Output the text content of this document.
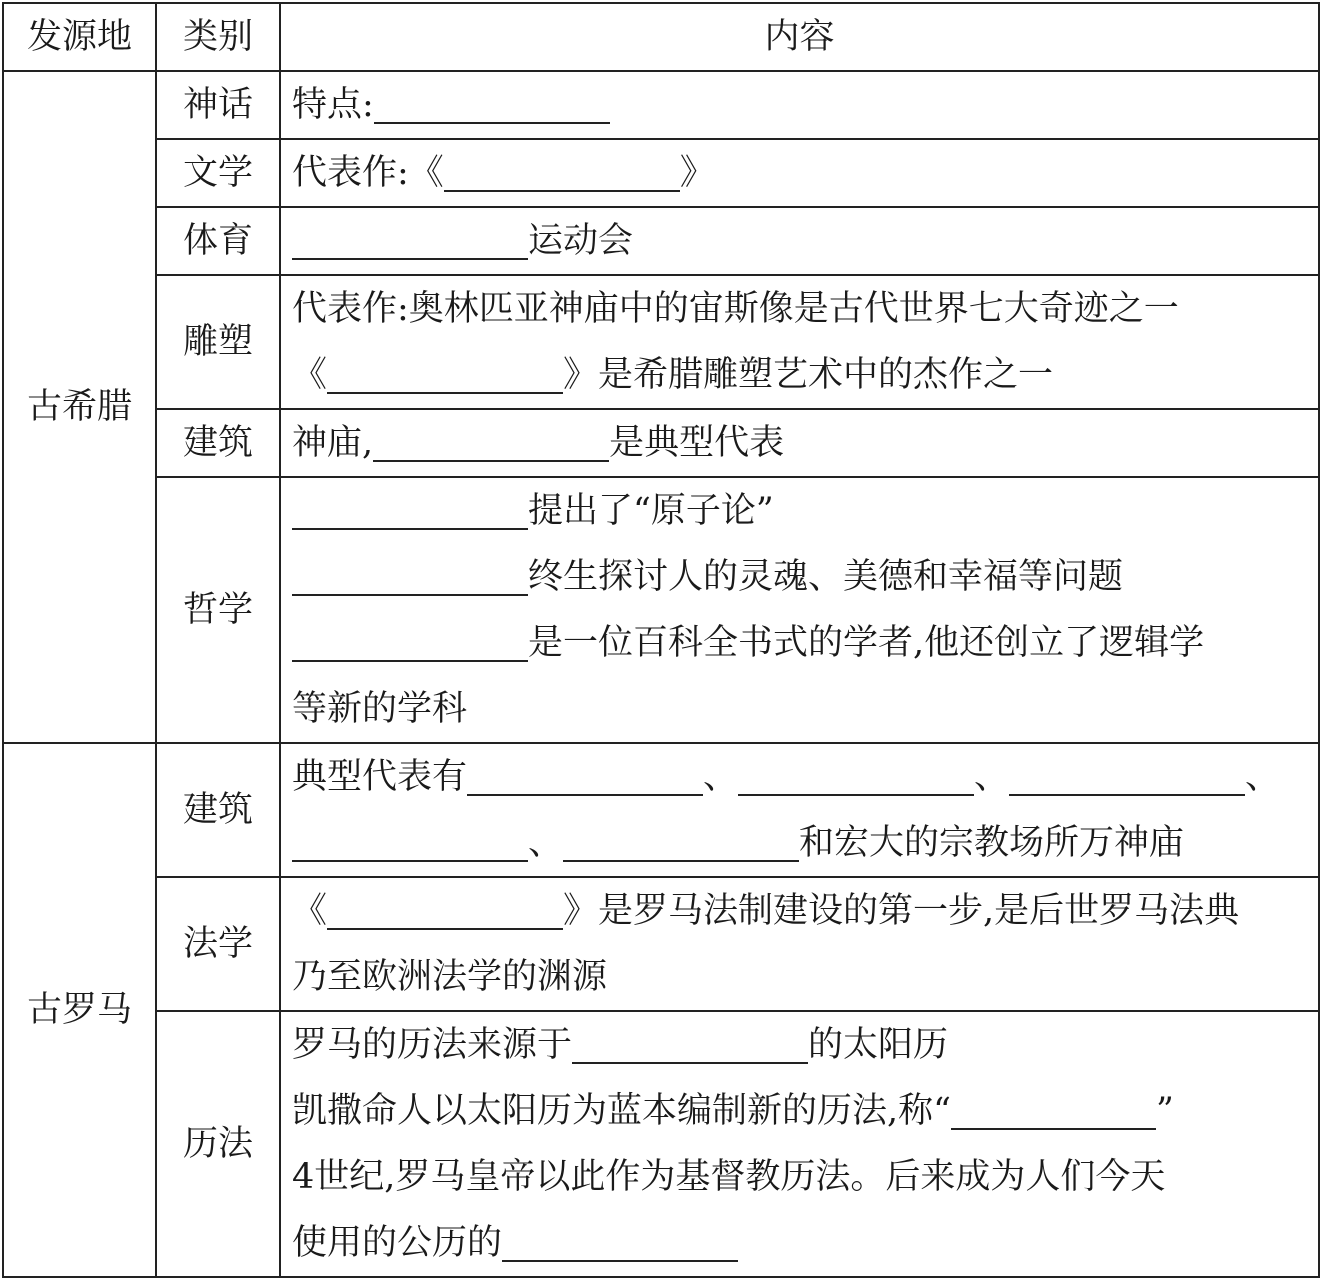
发源地	类别	内容
古希腊	神话	特点:

	文学	代表作:《 》

	体育	运动会

	雕塑	代表作:奥林匹亚神庙中的宙斯像是古代世界七大奇迹之一
《 》是希腊雕塑艺术中的杰作之一

	建筑	神庙, 是典型代表

	哲学	提出了“原子论”
终生探讨人的灵魂、美德和幸福等问题
是一位百科全书式的学者,他还创立了逻辑学
等新的学科

古罗马	建筑	典型代表有 、 、 、
、 和宏大的宗教场所万神庙

	法学	《 》是罗马法制建设的第一步,是后世罗马法典
乃至欧洲法学的渊源

	历法	罗马的历法来源于 的太阳历
凯撒命人以太阳历为蓝本编制新的历法,称“ ”
4世纪,罗马皇帝以此作为基督教历法。后来成为人们今天
使用的公历的
